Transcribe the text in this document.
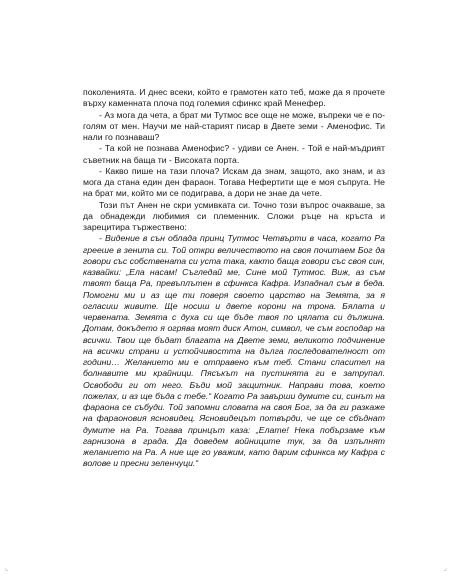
поколенията. И днес всеки, който е грамотен като теб, може да я прочете върху каменната плоча под големия сфинкс край Менефер.

- Аз мога да чета, а брат ми Тутмос все още не може, въпреки че е по-голям от мен. Научи ме най-старият писар в Двете земи - Аменофис. Ти нали го познаваш?

- Та кой не познава Аменофис? - удиви се Анен. - Той е най-мъдрият съветник на баща ти - Високата порта.

- Какво пише на тази плоча? Искам да знам, защото, ако знам, и аз мога да стана един ден фараон. Тогава Нефертити ще е моя съпруга. Не на брат ми, който ми се подиграва, а дори не знае да чете.

Този път Анен не скри усмивката си. Точно този въпрос очакваше, за да обнадежди любимия си племенник. Сложи ръце на кръста и зарецитира тържествено:

- Видение в сън обладa принц Тутмос Четвърти в часа, когато Ра грееше в зенита си. Той откри величеството на своя почитаем Бог да говори със собствената си уста така, както баща говори със своя син, казвайки: „Ела насам! Съгледай ме, Сине мой Тутмос. Виж, аз съм твоят баща Ра, превъплътен в сфинкса Кафра. Изпаднал съм в беда. Помогни ми и аз ще ти поверя своето царство на Земята, за я огласиш живите. Ще носиш и двете корони на трона. Бялата и червената. Земята с духа си ще бъде твоя по цялата си дължина. Дотам, докъдето я огрява моят диск Атон, символ, че съм господар на всички. Твои ще бъдат благата на Двете земи, великото подчинение на всички страни и устойчивостта на дълга последователност от години… Желанието ми е отправено към теб. Стани спасител на болнавите ми крайници. Пясъкът на пустинята ги е затрупал. Освободи ги от него. Бъди мой защитник. Направи това, което пожелах, и аз ще бъда с тебе.“ Когато Ра завърши думите си, синът на фараона се събуди. Той запомни словата на своя Бог, за да ги разкаже на фараоновия ясновидец. Ясновидецът потвърди, че ще се сбъднат думите на Ра. Тогава принцът каза: „Елате! Нека побързаме към гарнизона в града. Да доведем войниците тук, за да изпълнят желанието на Ра. А ние ще го уважим, като дарим сфинкса му Кафра с волове и пресни зеленчуци.“

⌞	⌟
